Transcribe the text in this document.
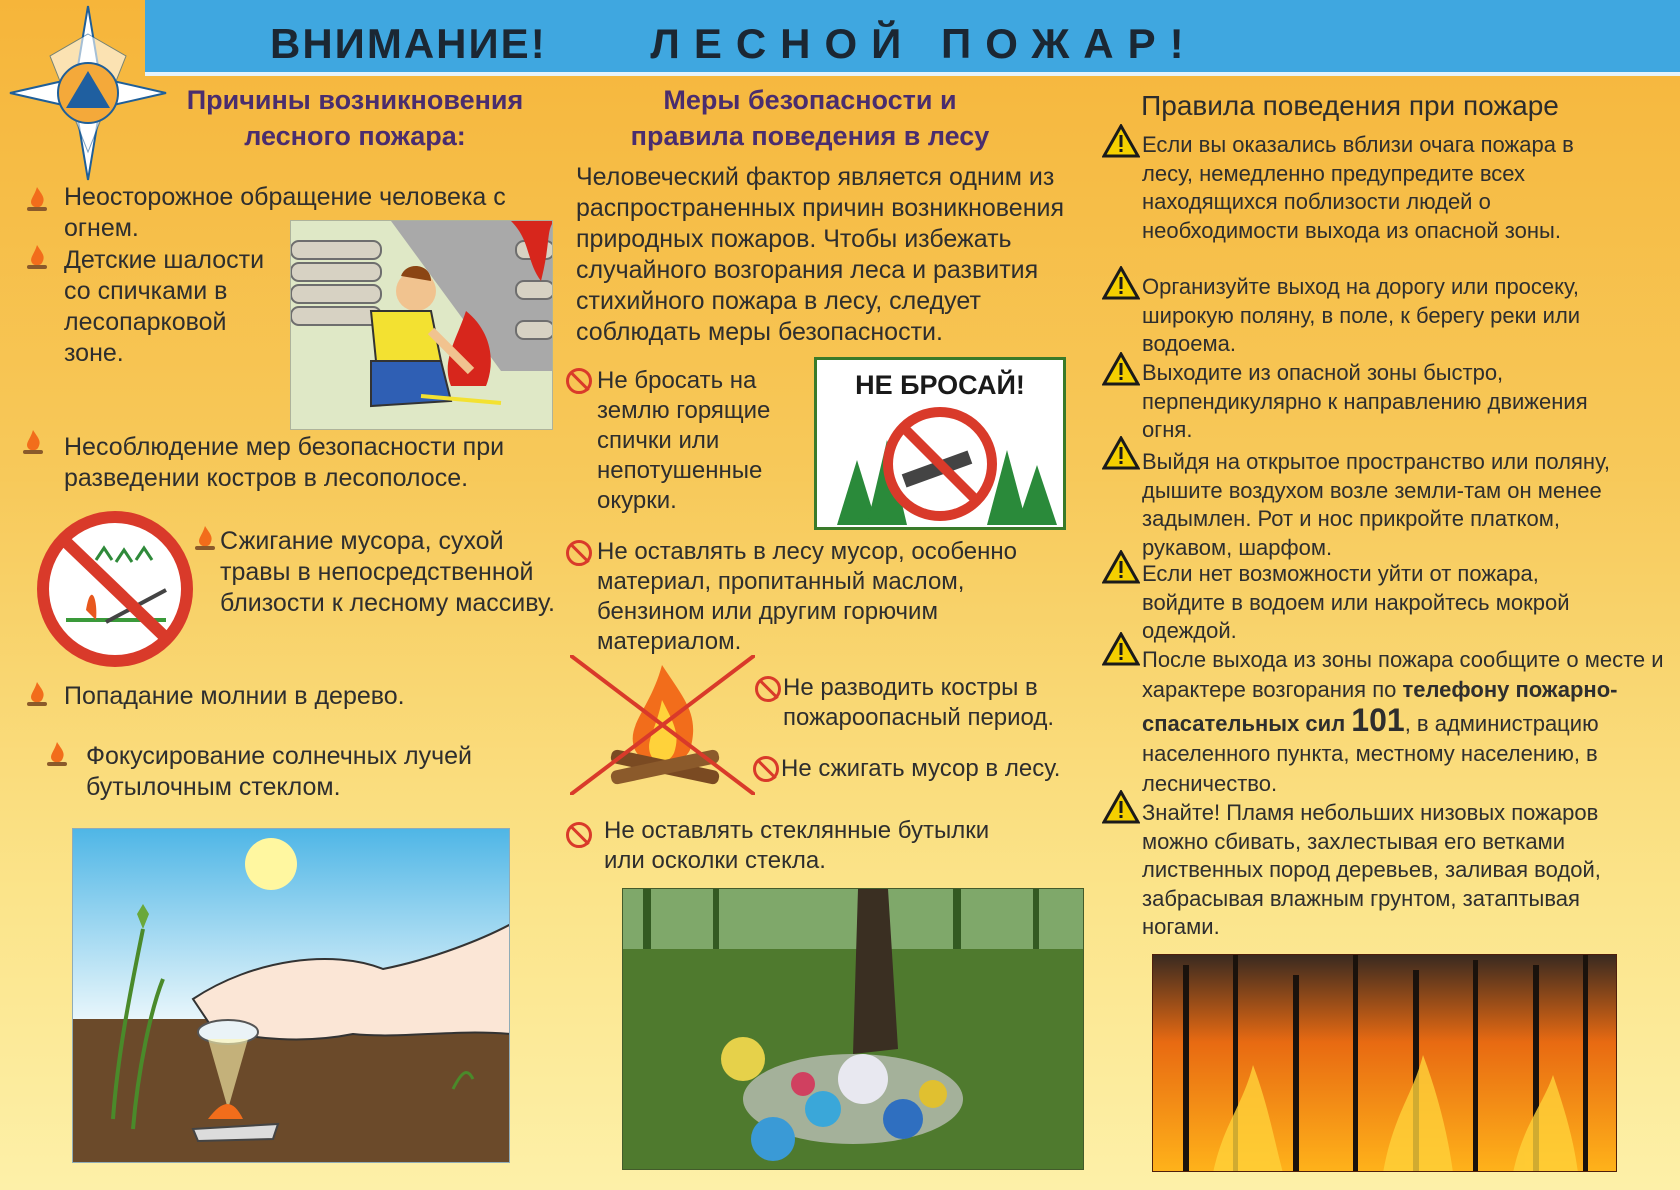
ВНИМАНИЕ! ЛЕСНОЙ ПОЖАР!
Причины возникновения
лесного пожара:
Неосторожное обращение человека с огнем.
Детские шалости со спичками в лесопарковой зоне.
Несоблюдение мер безопасности при разведении костров в лесополосе.
Сжигание мусора, сухой травы в непосредственной близости к лесному массиву.
Попадание молнии в дерево.
Фокусирование солнечных лучей бутылочным стеклом.
Меры безопасности и
правила поведения в лесу
Человеческий фактор является одним из распространенных причин возникновения природных пожаров. Чтобы избежать случайного возгорания леса и развития стихийного пожара в лесу, следует соблюдать меры безопасности.
Не бросать на землю горящие спички или непотушенные окурки.
НЕ БРОСАЙ!
Не оставлять в лесу мусор, особенно материал, пропитанный маслом, бензином или другим горючим материалом.
Не разводить костры в пожароопасный период.
Не сжигать мусор в лесу.
Не оставлять стеклянные бутылки или осколки стекла.
Правила поведения при пожаре
Если вы оказались вблизи очага пожара в лесу, немедленно предупредите всех находящихся поблизости людей о необходимости выхода из опасной зоны.
Организуйте выход на дорогу или просеку, широкую поляну, в поле, к берегу реки или водоема.
Выходите из опасной зоны быстро, перпендикулярно к направлению движения огня.
Выйдя на открытое пространство или поляну, дышите воздухом возле земли-там он менее задымлен. Рот и нос прикройте платком, рукавом, шарфом.
Если нет возможности уйти от пожара, войдите в водоем или накройтесь мокрой одеждой.
После выхода из зоны пожара сообщите о месте и характере возгорания по телефону пожарно-спасательных сил 101, в администрацию населенного пункта, местному населению, в лесничество.
Знайте! Пламя небольших низовых пожаров можно сбивать, захлестывая его ветками лиственных пород деревьев, заливая водой, забрасывая влажным грунтом, затаптывая ногами.
